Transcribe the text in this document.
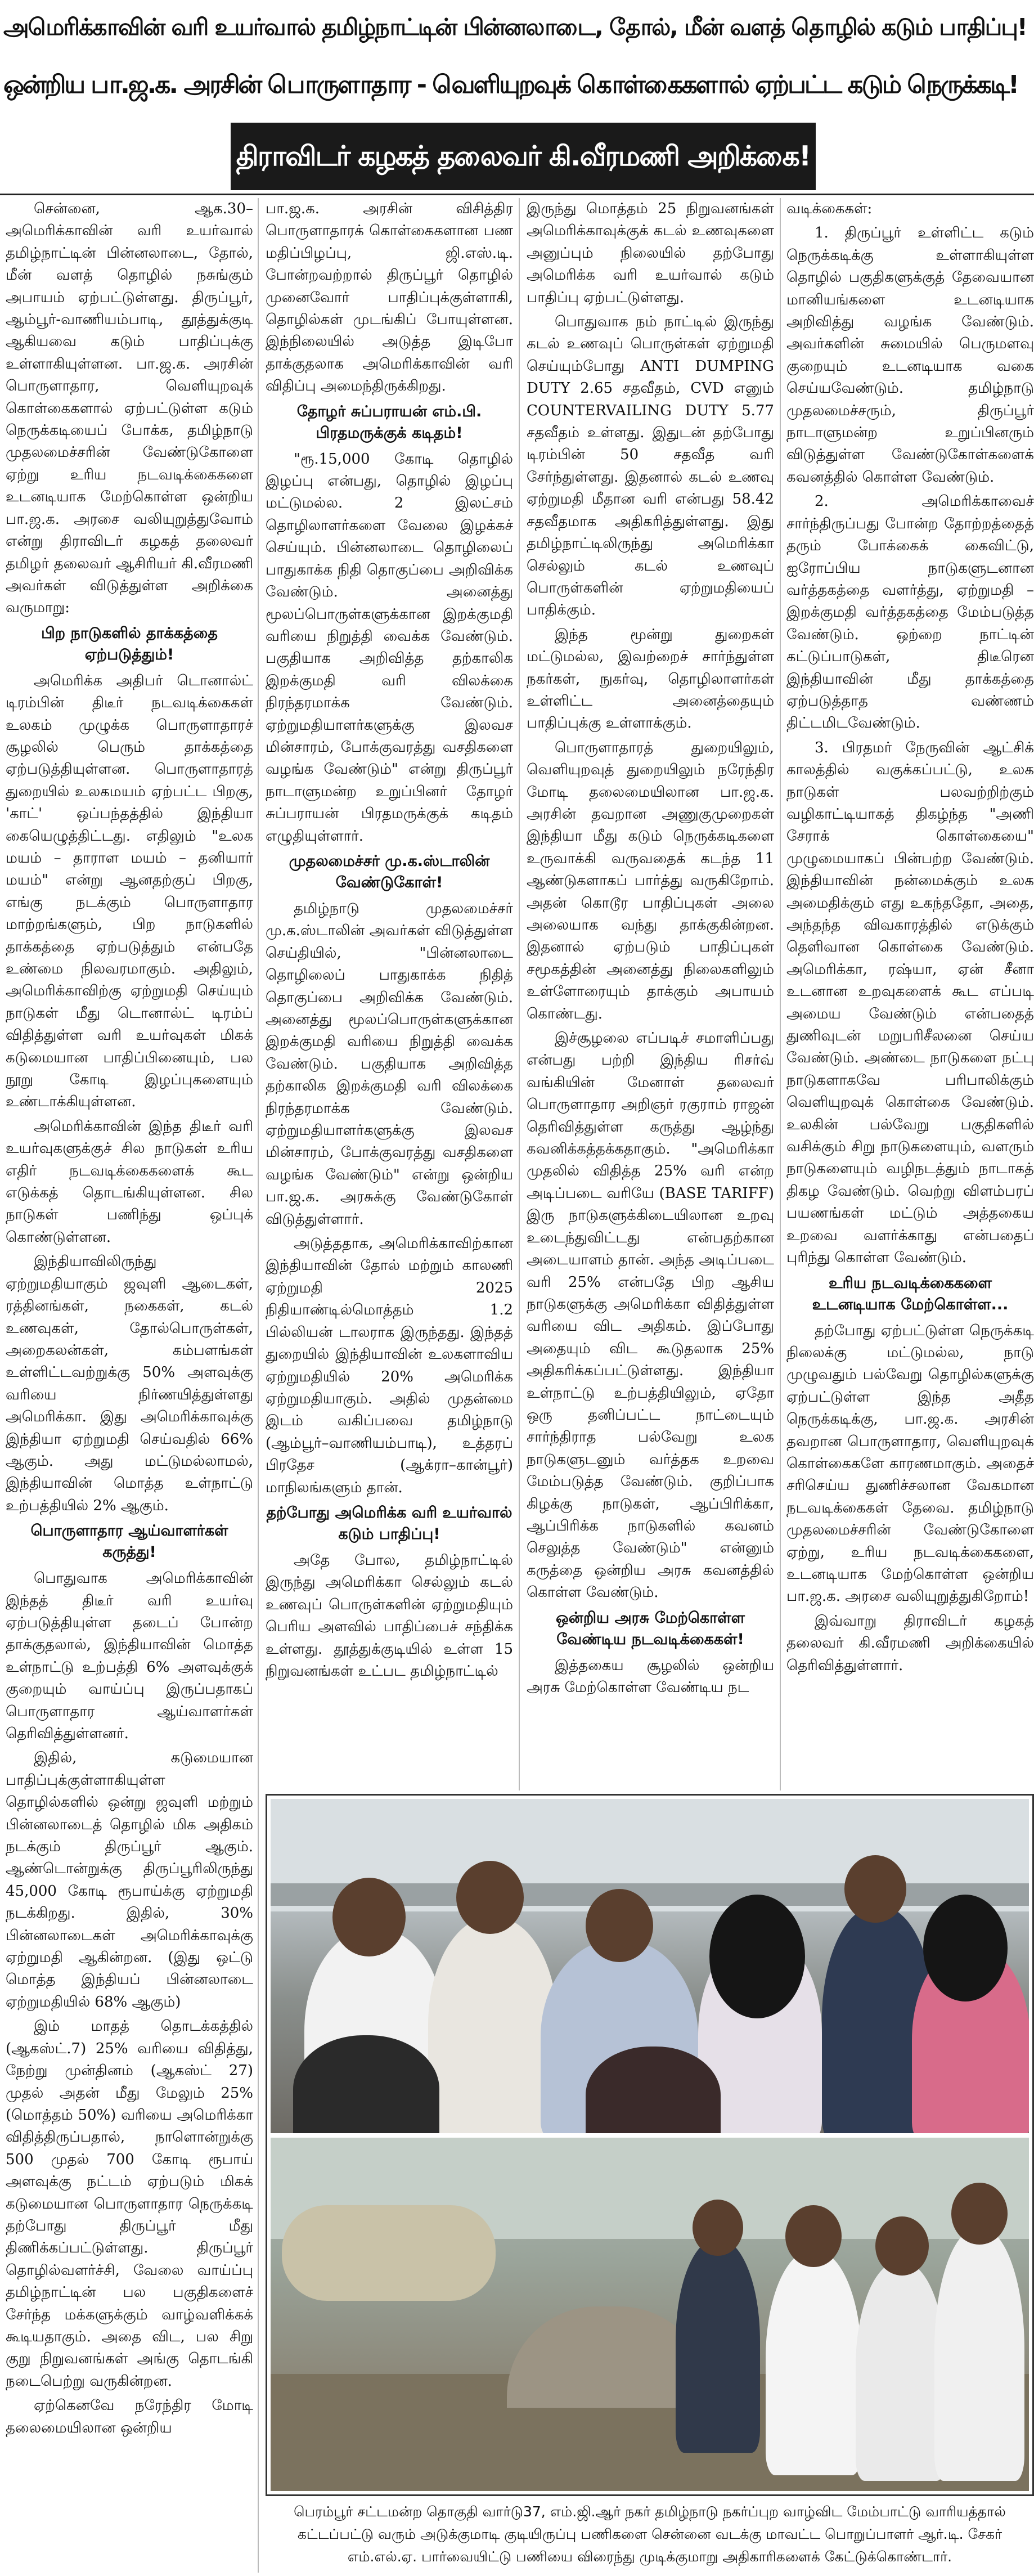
அமெரிக்காவின் வரி உயர்வால் தமிழ்நாட்டின் பின்னலாடை, தோல், மீன் வளத் தொழில் கடும் பாதிப்பு!
ஒன்றிய பா.ஜ.க. அரசின் பொருளாதார - வெளியுறவுக் கொள்கைகளால் ஏற்பட்ட கடும் நெருக்கடி!
திராவிடர் கழகத் தலைவர் கி.வீரமணி அறிக்கை!

சென்னை, ஆக.30– அமெரிக்காவின் வரி உயர்வால் தமிழ்நாட்டின் பின்னலாடை, தோல், மீன் வளத் தொழில் நசுங்கும் அபாயம் ஏற்பட்டுள்ளது. திருப்பூர், ஆம்பூர்-வாணியம்பாடி, தூத்துக்குடி ஆகியவை கடும் பாதிப்புக்கு உள்ளாகியுள்ளன. பா.ஜ.க. அரசின் பொருளாதார, வெளியுறவுக் கொள்கைகளால் ஏற்பட்டுள்ள கடும் நெருக்கடியைப் போக்க, தமிழ்நாடு முதலமைச்சரின் வேண்டுகோளை ஏற்று உரிய நடவடிக்கைகளை உடனடியாக மேற்கொள்ள ஒன்றிய பா.ஜ.க. அரசை வலியுறுத்துவோம் என்று திராவிடர் கழகத் தலைவர் தமிழர் தலைவர் ஆசிரியர் கி.வீரமணி அவர்கள் விடுத்துள்ள அறிக்கை வருமாறு:

பிற நாடுகளில் தாக்கத்தை ஏற்படுத்தும்!

அமெரிக்க அதிபர் டொனால்ட் டிரம்பின் திடீர் நடவடிக்கைகள் உலகம் முழுக்க பொருளாதாரச் சூழலில் பெரும் தாக்கத்தை ஏற்படுத்தியுள்ளன. பொருளாதாரத் துறையில் உலகமயம் ஏற்பட்ட பிறகு, 'காட்' ஒப்பந்தத்தில் இந்தியா கையெழுத்திட்டது. எதிலும் "உலக மயம் – தாராள மயம் – தனியார் மயம்" என்று ஆனதற்குப் பிறகு, எங்கு நடக்கும் பொருளாதார மாற்றங்களும், பிற நாடுகளில் தாக்கத்தை ஏற்படுத்தும் என்பதே உண்மை நிலவரமாகும். அதிலும், அமெரிக்காவிற்கு ஏற்றுமதி செய்யும் நாடுகள் மீது டொனால்ட் டிரம்ப் விதித்துள்ள வரி உயர்வுகள் மிகக் கடுமையான பாதிப்பினையும், பல நூறு கோடி இழப்புகளையும் உண்டாக்கியுள்ளன.

அமெரிக்காவின் இந்த திடீர் வரி உயர்வுகளுக்குச் சில நாடுகள் உரிய எதிர் நடவடிக்கைகளைக் கூட எடுக்கத் தொடங்கியுள்ளன. சில நாடுகள் பணிந்து ஒப்புக் கொண்டுள்ளன.

இந்தியாவிலிருந்து ஏற்றுமதியாகும் ஜவுளி ஆடைகள், ரத்தினங்கள், நகைகள், கடல் உணவுகள், தோல்பொருள்கள், அறைகலன்கள், கம்பளங்கள் உள்ளிட்டவற்றுக்கு 50% அளவுக்கு வரியை நிர்ணயித்துள்ளது அமெரிக்கா. இது அமெரிக்காவுக்கு இந்தியா ஏற்றுமதி செய்வதில் 66% ஆகும். அது மட்டுமல்லாமல், இந்தியாவின் மொத்த உள்நாட்டு உற்பத்தியில் 2% ஆகும்.

பொருளாதார ஆய்வாளர்கள் கருத்து!

பொதுவாக அமெரிக்காவின் இந்தத் திடீர் வரி உயர்வு ஏற்படுத்தியுள்ள தடைப் போன்ற தாக்குதலால், இந்தியாவின் மொத்த உள்நாட்டு உற்பத்தி 6% அளவுக்குக் குறையும் வாய்ப்பு இருப்பதாகப் பொருளாதார ஆய்வாளர்கள் தெரிவித்துள்ளனர்.

இதில், கடுமையான பாதிப்புக்குள்ளாகியுள்ள தொழில்களில் ஒன்று ஜவுளி மற்றும் பின்னலாடைத் தொழில் மிக அதிகம் நடக்கும் திருப்பூர் ஆகும். ஆண்டொன்றுக்கு திருப்பூரிலிருந்து 45,000 கோடி ரூபாய்க்கு ஏற்றுமதி நடக்கிறது. இதில், 30% பின்னலாடைகள் அமெரிக்காவுக்கு ஏற்றுமதி ஆகின்றன. (இது ஒட்டு மொத்த இந்தியப் பின்னலாடை ஏற்றுமதியில் 68% ஆகும்)

இம் மாதத் தொடக்கத்தில் (ஆகஸ்ட்.7) 25% வரியை விதித்து, நேற்று முன்தினம் (ஆகஸ்ட் 27) முதல் அதன் மீது மேலும் 25% (மொத்தம் 50%) வரியை அமெரிக்கா விதித்திருப்பதால், நாளொன்றுக்கு 500 முதல் 700 கோடி ரூபாய் அளவுக்கு நட்டம் ஏற்படும் மிகக் கடுமையான பொருளாதார நெருக்கடி தற்போது திருப்பூர் மீது திணிக்கப்பட்டுள்ளது. திருப்பூர் தொழில்வளர்ச்சி, வேலை வாய்ப்பு தமிழ்நாட்டின் பல பகுதிகளைச் சேர்ந்த மக்களுக்கும் வாழ்வளிக்கக் கூடியதாகும். அதை விட, பல சிறு குறு நிறுவனங்கள் அங்கு தொடங்கி நடைபெற்று வருகின்றன.

ஏற்கெனவே நரேந்திர மோடி தலைமையிலான ஒன்றிய

பா.ஜ.க. அரசின் விசித்திர பொருளாதாரக் கொள்கைகளான பண மதிப்பிழப்பு, ஜி.எஸ்.டி. போன்றவற்றால் திருப்பூர் தொழில் முனைவோர் பாதிப்புக்குள்ளாகி, தொழில்கள் முடங்கிப் போயுள்ளன. இந்நிலையில் அடுத்த இடிபோ தாக்குதலாக அமெரிக்காவின் வரி விதிப்பு அமைந்திருக்கிறது.

தோழர் சுப்பராயன் எம்.பி. பிரதமருக்குக் கடிதம்!

"ரூ.15,000 கோடி தொழில் இழப்பு என்பது, தொழில் இழப்பு மட்டுமல்ல. 2 இலட்சம் தொழிலாளர்களை வேலை இழக்கச் செய்யும். பின்னலாடை தொழிலைப் பாதுகாக்க நிதி தொகுப்பை அறிவிக்க வேண்டும். அனைத்து மூலப்பொருள்களுக்கான இறக்குமதி வரியை நிறுத்தி வைக்க வேண்டும். பகுதியாக அறிவித்த தற்காலிக இறக்குமதி வரி விலக்கை நிரந்தரமாக்க வேண்டும். ஏற்றுமதியாளர்களுக்கு இலவச மின்சாரம், போக்குவரத்து வசதிகளை வழங்க வேண்டும்" என்று திருப்பூர் நாடாளுமன்ற உறுப்பினர் தோழர் சுப்பராயன் பிரதமருக்குக் கடிதம் எழுதியுள்ளார்.

முதலமைச்சர் மு.க.ஸ்டாலின் வேண்டுகோள்!

தமிழ்நாடு முதலமைச்சர் மு.க.ஸ்டாலின் அவர்கள் விடுத்துள்ள செய்தியில், "பின்னலாடை தொழிலைப் பாதுகாக்க நிதித் தொகுப்பை அறிவிக்க வேண்டும். அனைத்து மூலப்பொருள்களுக்கான இறக்குமதி வரியை நிறுத்தி வைக்க வேண்டும். பகுதியாக அறிவித்த தற்காலிக இறக்குமதி வரி விலக்கை நிரந்தரமாக்க வேண்டும். ஏற்றுமதியாளர்களுக்கு இலவச மின்சாரம், போக்குவரத்து வசதிகளை வழங்க வேண்டும்" என்று ஒன்றிய பா.ஜ.க. அரசுக்கு வேண்டுகோள் விடுத்துள்ளார்.

அடுத்ததாக, அமெரிக்காவிற்கான இந்தியாவின் தோல் மற்றும் காலணி ஏற்றுமதி 2025 நிதியாண்டில்மொத்தம் 1.2 பில்லியன் டாலராக இருந்தது. இந்தத் துறையில் இந்தியாவின் உலகளாவிய ஏற்றுமதியில் 20% அமெரிக்க ஏற்றுமதியாகும். அதில் முதன்மை இடம் வகிப்பவை தமிழ்நாடு (ஆம்பூர்–வாணியம்பாடி), உத்தரப் பிரதேச (ஆக்ரா–கான்பூர்) மாநிலங்களும் தான்.

தற்போது அமெரிக்க வரி உயர்வால் கடும் பாதிப்பு!

அதே போல, தமிழ்நாட்டில் இருந்து அமெரிக்கா செல்லும் கடல் உணவுப் பொருள்களின் ஏற்றுமதியும் பெரிய அளவில் பாதிப்பைச் சந்திக்க உள்ளது. தூத்துக்குடியில் உள்ள 15 நிறுவனங்கள் உட்பட தமிழ்நாட்டில்

இருந்து மொத்தம் 25 நிறுவனங்கள் அமெரிக்காவுக்குக் கடல் உணவுகளை அனுப்பும் நிலையில் தற்போது அமெரிக்க வரி உயர்வால் கடும் பாதிப்பு ஏற்பட்டுள்ளது.

பொதுவாக நம் நாட்டில் இருந்து கடல் உணவுப் பொருள்கள் ஏற்றுமதி செய்யும்போது ANTI DUMPING DUTY 2.65 சதவீதம், CVD எனும் COUNTERVAILING DUTY 5.77 சதவீதம் உள்ளது. இதுடன் தற்போது டிரம்பின் 50 சதவீத வரி சேர்ந்துள்ளது. இதனால் கடல் உணவு ஏற்றுமதி மீதான வரி என்பது 58.42 சதவீதமாக அதிகரித்துள்ளது. இது தமிழ்நாட்டிலிருந்து அமெரிக்கா செல்லும் கடல் உணவுப் பொருள்களின் ஏற்றுமதியைப் பாதிக்கும்.

இந்த மூன்று துறைகள் மட்டுமல்ல, இவற்றைச் சார்ந்துள்ள நகர்கள், நுகர்வு, தொழிலாளர்கள் உள்ளிட்ட அனைத்தையும் பாதிப்புக்கு உள்ளாக்கும்.

பொருளாதாரத் துறையிலும், வெளியுறவுத் துறையிலும் நரேந்திர மோடி தலைமையிலான பா.ஜ.க. அரசின் தவறான அணுகுமுறைகள் இந்தியா மீது கடும் நெருக்கடிகளை உருவாக்கி வருவதைக் கடந்த 11 ஆண்டுகளாகப் பார்த்து வருகிறோம். அதன் கொடூர பாதிப்புகள் அலை அலையாக வந்து தாக்குகின்றன. இதனால் ஏற்படும் பாதிப்புகள் சமூகத்தின் அனைத்து நிலைகளிலும் உள்ளோரையும் தாக்கும் அபாயம் கொண்டது.

இச்சூழலை எப்படிச் சமாளிப்பது என்பது பற்றி இந்திய ரிசர்வ் வங்கியின் மேனாள் தலைவர் பொருளாதார அறிஞர் ரகுராம் ராஜன் தெரிவித்துள்ள கருத்து ஆழ்ந்து கவனிக்கத்தக்கதாகும். "அமெரிக்கா முதலில் விதித்த 25% வரி என்ற அடிப்படை வரியே (BASE TARIFF) இரு நாடுகளுக்கிடையிலான உறவு உடைந்துவிட்டது என்பதற்கான அடையாளம் தான். அந்த அடிப்படை வரி 25% என்பதே பிற ஆசிய நாடுகளுக்கு அமெரிக்கா விதித்துள்ள வரியை விட அதிகம். இப்போது அதையும் விட கூடுதலாக 25% அதிகரிக்கப்பட்டுள்ளது. இந்தியா உள்நாட்டு உற்பத்தியிலும், ஏதோ ஒரு தனிப்பட்ட நாட்டையும் சார்ந்திராத பல்வேறு உலக நாடுகளுடனும் வர்த்தக உறவை மேம்படுத்த வேண்டும். குறிப்பாக கிழக்கு நாடுகள், ஆப்பிரிக்கா, ஆப்பிரிக்க நாடுகளில் கவனம் செலுத்த வேண்டும்" என்னும் கருத்தை ஒன்றிய அரசு கவனத்தில் கொள்ள வேண்டும்.

ஒன்றிய அரசு மேற்கொள்ள வேண்டிய நடவடிக்கைகள்!

இத்தகைய சூழலில் ஒன்றிய அரசு மேற்கொள்ள வேண்டிய நட

வடிக்கைகள்:

1. திருப்பூர் உள்ளிட்ட கடும் நெருக்கடிக்கு உள்ளாகியுள்ள தொழில் பகுதிகளுக்குத் தேவையான மானியங்களை உடனடியாக அறிவித்து வழங்க வேண்டும். அவர்களின் சுமையில் பெருமளவு குறையும் உடனடியாக வகை செய்யவேண்டும். தமிழ்நாடு முதலமைச்சரும், திருப்பூர் நாடாளுமன்ற உறுப்பினரும் விடுத்துள்ள வேண்டுகோள்களைக் கவனத்தில் கொள்ள வேண்டும்.

2. அமெரிக்காவைச் சார்ந்திருப்பது போன்ற தோற்றத்தைத் தரும் போக்கைக் கைவிட்டு, ஐரோப்பிய நாடுகளுடனான வர்த்தகத்தை வளர்த்து, ஏற்றுமதி – இறக்குமதி வர்த்தகத்தை மேம்படுத்த வேண்டும். ஒற்றை நாட்டின் கட்டுப்பாடுகள், திடீரென இந்தியாவின் மீது தாக்கத்தை ஏற்படுத்தாத வண்ணம் திட்டமிடவேண்டும்.

3. பிரதமர் நேருவின் ஆட்சிக் காலத்தில் வகுக்கப்பட்டு, உலக நாடுகள் பலவற்றிற்கும் வழிகாட்டியாகத் திகழ்ந்த "அணி சேராக் கொள்கையை" முழுமையாகப் பின்பற்ற வேண்டும். இந்தியாவின் நன்மைக்கும் உலக அமைதிக்கும் எது உகந்ததோ, அதை, அந்தந்த விவகாரத்தில் எடுக்கும் தெளிவான கொள்கை வேண்டும். அமெரிக்கா, ரஷ்யா, ஏன் சீனா உடனான உறவுகளைக் கூட எப்படி அமைய வேண்டும் என்பதைத் துணிவுடன் மறுபரிசீலனை செய்ய வேண்டும். அண்டை நாடுகளை நட்பு நாடுகளாகவே பரிபாலிக்கும் வெளியுறவுக் கொள்கை வேண்டும். உலகின் பல்வேறு பகுதிகளில் வசிக்கும் சிறு நாடுகளையும், வளரும் நாடுகளையும் வழிநடத்தும் நாடாகத் திகழ வேண்டும். வெற்று விளம்பரப் பயணங்கள் மட்டும் அத்தகைய உறவை வளர்க்காது என்பதைப் புரிந்து கொள்ள வேண்டும்.

உரிய நடவடிக்கைகளை உடனடியாக மேற்கொள்ள...

தற்போது ஏற்பட்டுள்ள நெருக்கடி நிலைக்கு மட்டுமல்ல, நாடு முழுவதும் பல்வேறு தொழில்களுக்கு ஏற்பட்டுள்ள இந்த அதீத நெருக்கடிக்கு, பா.ஜ.க. அரசின் தவறான பொருளாதார, வெளியுறவுக் கொள்கைகளே காரணமாகும். அதைச் சரிசெய்ய துணிச்சலான வேகமான நடவடிக்கைகள் தேவை. தமிழ்நாடு முதலமைச்சரின் வேண்டுகோளை ஏற்று, உரிய நடவடிக்கைகளை, உடனடியாக மேற்கொள்ள ஒன்றிய பா.ஜ.க. அரசை வலியுறுத்துகிறோம்!

இவ்வாறு திராவிடர் கழகத் தலைவர் கி.வீரமணி அறிக்கையில் தெரிவித்துள்ளார்.

பெரம்பூர் சட்டமன்ற தொகுதி வார்டு37, எம்.ஜி.ஆர் நகர் தமிழ்நாடு நகர்ப்புற வாழ்விட மேம்பாட்டு வாரியத்தால் கட்டப்பட்டு வரும் அடுக்குமாடி குடியிருப்பு பணிகளை சென்னை வடக்கு மாவட்ட பொறுப்பாளர் ஆர்.டி. சேகர் எம்.எல்.ஏ. பார்வையிட்டு பணியை விரைந்து முடிக்குமாறு அதிகாரிகளைக் கேட்டுக்கொண்டார்.
